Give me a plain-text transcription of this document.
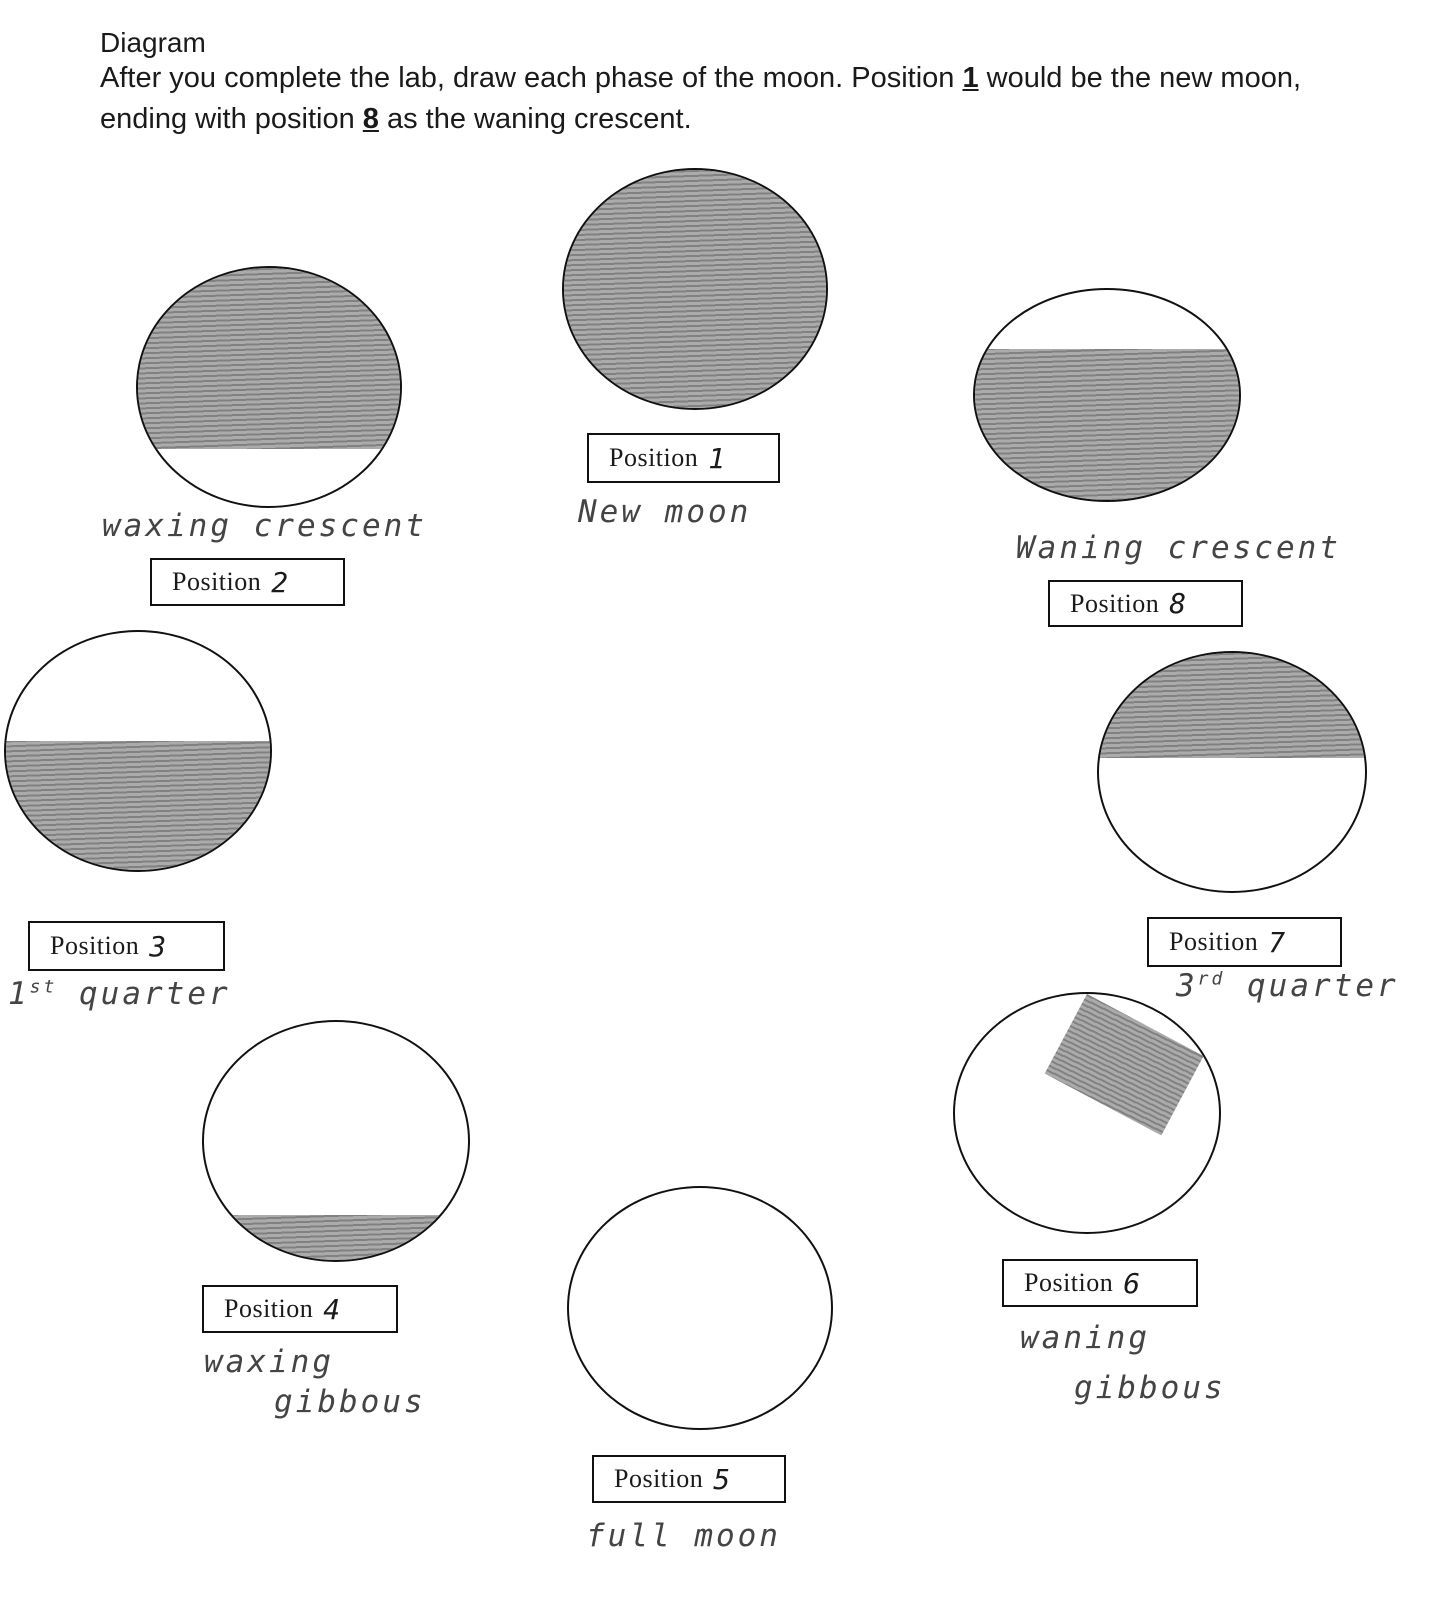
Diagram
After you complete the lab, draw each phase of the moon. Position 1 would be the new moon, ending with position 8 as the waning crescent.
Position 1
New moon
waxing crescent
Position 2
Waning crescent
Position 8
Position 3
1st quarter
Position 7
3rd quarter
Position 4
waxing
gibbous
Position 6
waning
gibbous
Position 5
full moon
